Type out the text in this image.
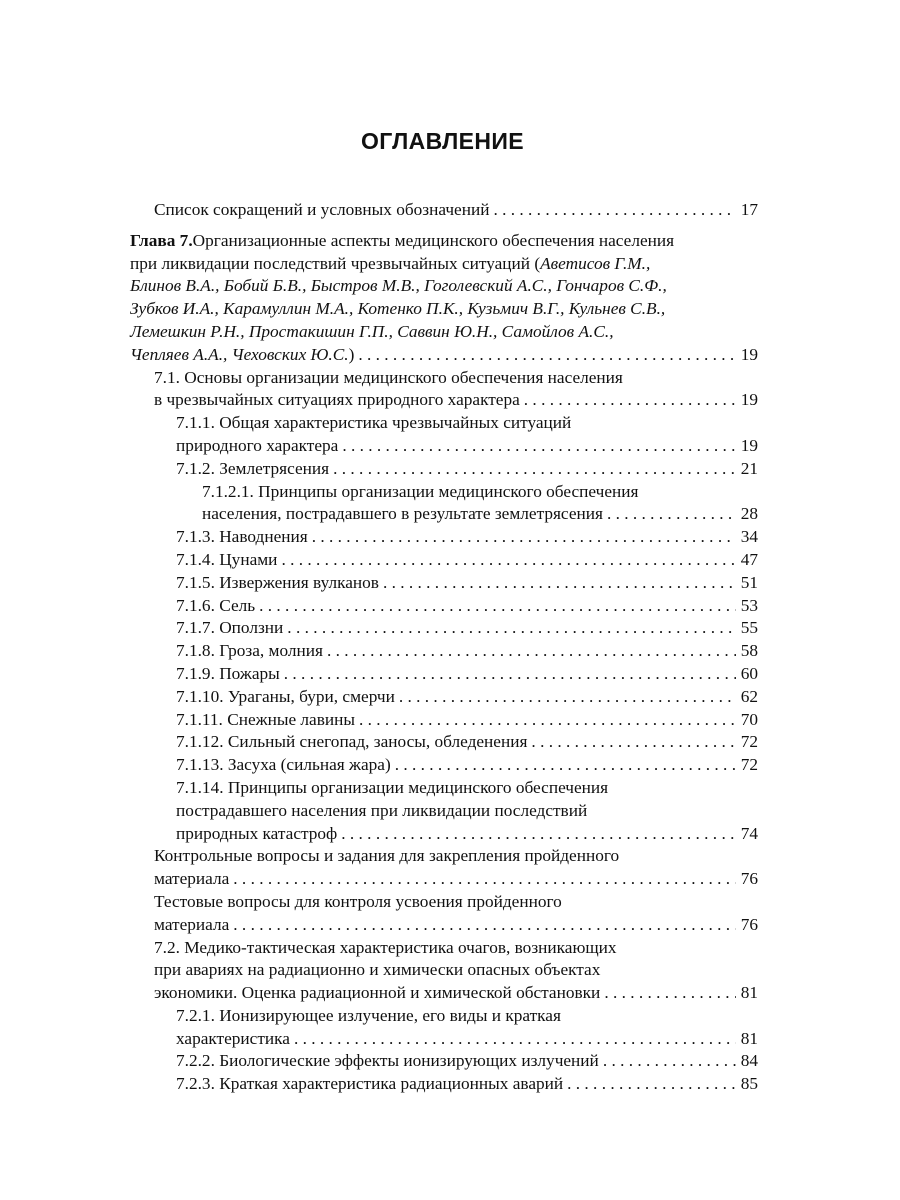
ОГЛАВЛЕНИЕ
Список сокращений и условных обозначений . . .	17
Глава 7. Организационные аспекты медицинского обеспечения населения
при ликвидации последствий чрезвычайных ситуаций ( Аветисов Г.М.,
Блинов В.А., Бобий Б.В., Быстров М.В., Гоголевский А.С., Гончаров С.Ф.,
Зубков И.А., Карамуллин М.А., Котенко П.К., Кузьмич В.Г., Кульнев С.В.,
Лемешкин Р.Н., Простакишин Г.П., Саввин Ю.Н., Самойлов А.С.,
Чепляев А.А., Чеховских Ю.С.) . . .	19
7.1. Основы организации медицинского обеспечения населения
в чрезвычайных ситуациях природного характера . . .	19
7.1.1. Общая характеристика чрезвычайных ситуаций
природного характера . . .	19
7.1.2. Землетрясения . . .	21
7.1.2.1. Принципы организации медицинского обеспечения
населения, пострадавшего в результате землетрясения . . .	28
7.1.3. Наводнения . . .	34
7.1.4. Цунами . . .	47
7.1.5. Извержения вулканов . . .	51
7.1.6. Сель . . .	53
7.1.7. Оползни . . .	55
7.1.8. Гроза, молния . . .	58
7.1.9. Пожары . . .	60
7.1.10. Ураганы, бури, смерчи . . .	62
7.1.11. Снежные лавины . . .	70
7.1.12. Сильный снегопад, заносы, обледенения . . .	72
7.1.13. Засуха (сильная жара) . . .	72
7.1.14. Принципы организации медицинского обеспечения
пострадавшего населения при ликвидации последствий
природных катастроф . . .	74
Контрольные вопросы и задания для закрепления пройденного
материала . . .	76
Тестовые вопросы для контроля усвоения пройденного
материала . . .	76
7.2. Медико-тактическая характеристика очагов, возникающих
при авариях на радиационно и химически опасных объектах
экономики. Оценка радиационной и химической обстановки . . .	81
7.2.1. Ионизирующее излучение, его виды и краткая
характеристика . . .	81
7.2.2. Биологические эффекты ионизирующих излучений . . .	84
7.2.3. Краткая характеристика радиационных аварий . . .	85
